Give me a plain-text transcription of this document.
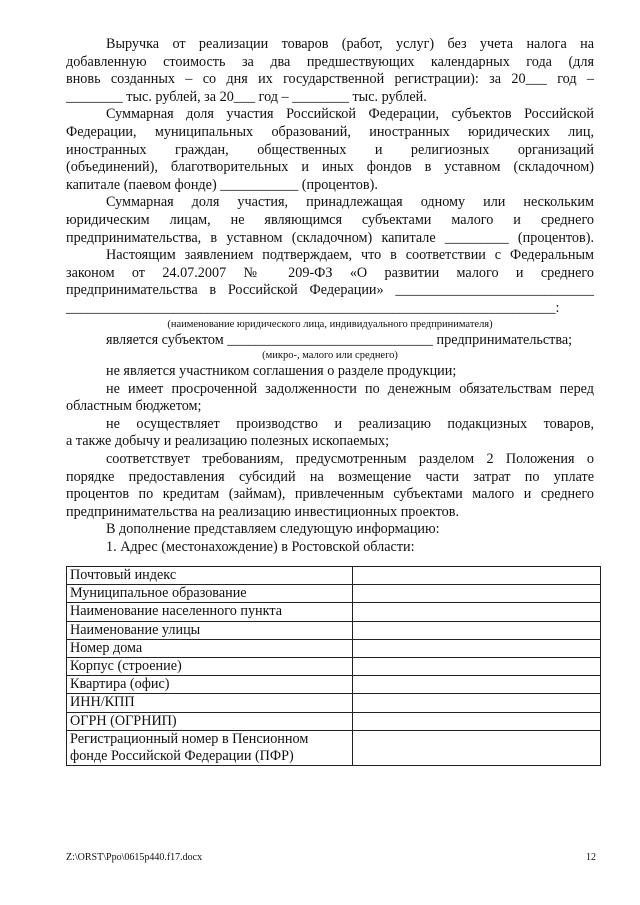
Выручка от реализации товаров (работ, услуг) без учета налога на
добавленную стоимость за два предшествующих календарных года (для
вновь созданных – со дня их государственной регистрации): за 20___ год –
________ тыс. рублей, за 20___ год – ________ тыс. рублей.

Суммарная доля участия Российской Федерации, субъектов Российской
Федерации, муниципальных образований, иностранных юридических лиц,
иностранных граждан, общественных и религиозных организаций
(объединений), благотворительных и иных фондов в уставном (складочном)
капитале (паевом фонде) ___________ (процентов).

Суммарная доля участия, принадлежащая одному или нескольким
юридическим лицам, не являющимся субъектами малого и среднего
предпринимательства, в уставном (складочном) капитале _________ (процентов).

Настоящим заявлением подтверждаем, что в соответствии с Федеральным
законом от 24.07.2007 № 209-ФЗ «О развитии малого и среднего
предпринимательства в Российской Федерации» ____________________________
_____________________________________________________________________:

(наименование юридического лица, индивидуального предпринимателя)

является субъектом _____________________________ предпринимательства;

(микро-, малого или среднего)

не является участником соглашения о разделе продукции;

не имеет просроченной задолженности по денежным обязательствам перед
областным бюджетом;

не осуществляет производство и реализацию подакцизных товаров,
а также добычу и реализацию полезных ископаемых;

соответствует требованиям, предусмотренным разделом 2 Положения о
порядке предоставления субсидий на возмещение части затрат по уплате
процентов по кредитам (займам), привлеченным субъектами малого и среднего
предпринимательства на реализацию инвестиционных проектов.

В дополнение представляем следующую информацию:

1. Адрес (местонахождение) в Ростовской области:

Почтовый индекс	
Муниципальное образование	
Наименование населенного пункта	
Наименование улицы	
Номер дома	
Корпус (строение)	
Квартира (офис)	
ИНН/КПП	
ОГРН (ОГРНИП)	
Регистрационный номер в Пенсионном фонде Российской Федерации (ПФР)	
Z:\ORST\Ppo\0615p440.f17.docx	12
